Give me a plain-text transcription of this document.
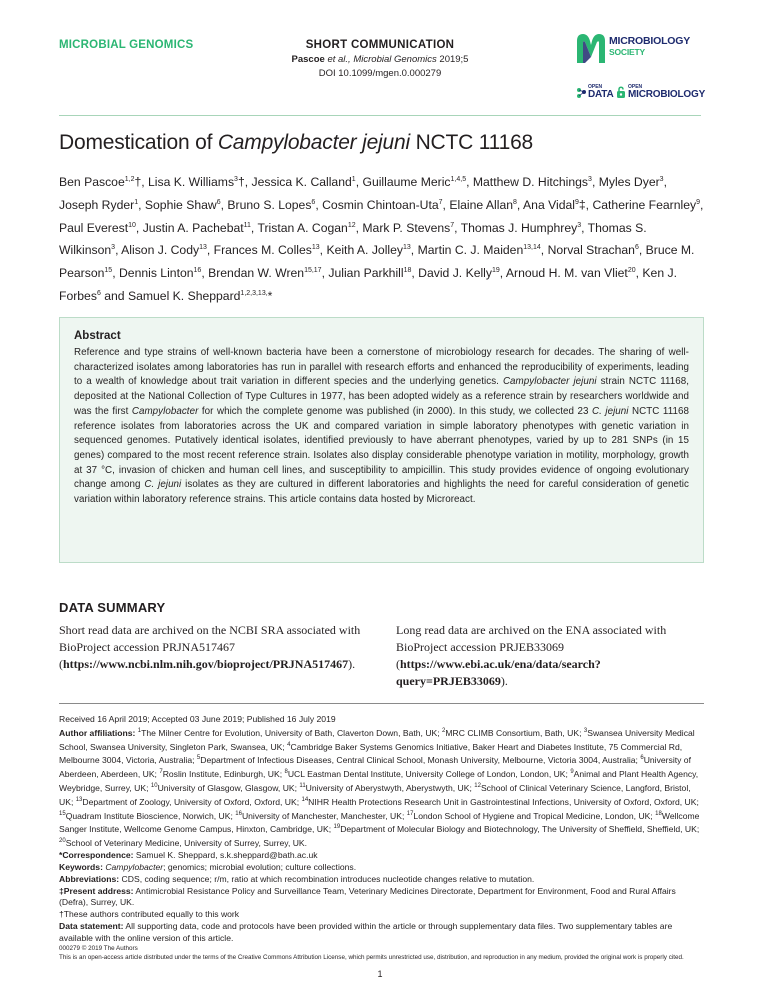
MICROBIAL GENOMICS	SHORT COMMUNICATION
Pascoe et al., Microbial Genomics 2019;5
DOI 10.1099/mgen.0.000279
MICROBIOLOGY
SOCIETY
OPEN
DATA
OPEN
MICROBIOLOGY
Domestication of Campylobacter jejuni NCTC 11168
Ben Pascoe$^{1,2}$†, Lisa K. Williams$^3$†, Jessica K. Calland$^1$, Guillaume Meric$^{1,4,5}$, Matthew D. Hitchings$^3$, Myles Dyer$^3$, Joseph Ryder$^1$, Sophie Shaw$^6$, Bruno S. Lopes$^6$, Cosmin Chintoan-Uta$^7$, Elaine Allan$^8$, Ana Vidal$^9$‡, Catherine Fearnley$^9$, Paul Everest$^{10}$, Justin A. Pachebat$^{11}$, Tristan A. Cogan$^{12}$, Mark P. Stevens$^7$, Thomas J. Humphrey$^3$, Thomas S. Wilkinson$^3$, Alison J. Cody$^{13}$, Frances M. Colles$^{13}$, Keith A. Jolley$^{13}$, Martin C. J. Maiden$^{13,14}$, Norval Strachan$^6$, Bruce M. Pearson$^{15}$, Dennis Linton$^{16}$, Brendan W. Wren$^{15,17}$, Julian Parkhill$^{18}$, David J. Kelly$^{19}$, Arnoud H. M. van Vliet$^{20}$, Ken J. Forbes$^6$ and Samuel K. Sheppard$^{1,2,3,13,}$*
Abstract
Reference and type strains of well-known bacteria have been a cornerstone of microbiology research for decades. The sharing of well-characterized isolates among laboratories has run in parallel with research efforts and enhanced the reproducibility of experiments, leading to a wealth of knowledge about trait variation in different species and the underlying genetics. Campylobacter jejuni strain NCTC 11168, deposited at the National Collection of Type Cultures in 1977, has been adopted widely as a reference strain by researchers worldwide and was the first Campylobacter for which the complete genome was published (in 2000). In this study, we collected 23 C. jejuni NCTC 11168 reference isolates from laboratories across the UK and compared variation in simple laboratory phenotypes with genetic variation in sequenced genomes. Putatively identical isolates, identified previously to have aberrant phenotypes, varied by up to 281 SNPs (in 15 genes) compared to the most recent reference strain. Isolates also display considerable phenotype variation in motility, morphology, growth at 37 °C, invasion of chicken and human cell lines, and susceptibility to ampicillin. This study provides evidence of ongoing evolutionary change among C. jejuni isolates as they are cultured in different laboratories and highlights the need for careful consideration of genetic variation within laboratory reference strains. This article contains data hosted by Microreact.
DATA SUMMARY
Short read data are archived on the NCBI SRA associated with BioProject accession PRJNA517467 (https://www.ncbi.nlm.nih.gov/bioproject/PRJNA517467).
Long read data are archived on the ENA associated with BioProject accession PRJEB33069 (https://www.ebi.ac.uk/ena/data/search?query=PRJEB33069).

Received 16 April 2019; Accepted 03 June 2019; Published 16 July 2019

Author affiliations: $^1$The Milner Centre for Evolution, University of Bath, Claverton Down, Bath, UK; $^2$MRC CLIMB Consortium, Bath, UK; $^3$Swansea University Medical School, Swansea University, Singleton Park, Swansea, UK; $^4$Cambridge Baker Systems Genomics Initiative, Baker Heart and Diabetes Institute, 75 Commercial Rd, Melbourne 3004, Victoria, Australia; $^5$Department of Infectious Diseases, Central Clinical School, Monash University, Melbourne, Victoria 3004, Australia; $^6$University of Aberdeen, Aberdeen, UK; $^7$Roslin Institute, Edinburgh, UK; $^8$UCL Eastman Dental Institute, University College of London, London, UK; $^9$Animal and Plant Health Agency, Weybridge, Surrey, UK; $^{10}$University of Glasgow, Glasgow, UK; $^{11}$University of Aberystwyth, Aberystwyth, UK; $^{12}$School of Clinical Veterinary Science, Langford, Bristol, UK; $^{13}$Department of Zoology, University of Oxford, Oxford, UK; $^{14}$NIHR Health Protections Research Unit in Gastrointestinal Infections, University of Oxford, Oxford, UK; $^{15}$Quadram Institute Bioscience, Norwich, UK; $^{16}$University of Manchester, Manchester, UK; $^{17}$London School of Hygiene and Tropical Medicine, London, UK; $^{18}$Wellcome Sanger Institute, Wellcome Genome Campus, Hinxton, Cambridge, UK; $^{19}$Department of Molecular Biology and Biotechnology, The University of Sheffield, Sheffield, UK; $^{20}$School of Veterinary Medicine, University of Surrey, Surrey, UK.

*Correspondence: Samuel K. Sheppard, s.k.sheppard@bath.ac.uk

Keywords: Campylobacter; genomics; microbial evolution; culture collections.

Abbreviations: CDS, coding sequence; r/m, ratio at which recombination introduces nucleotide changes relative to mutation.

‡Present address: Antimicrobial Resistance Policy and Surveillance Team, Veterinary Medicines Directorate, Department for Environment, Food and Rural Affairs (Defra), Surrey, UK.

†These authors contributed equally to this work

Data statement: All supporting data, code and protocols have been provided within the article or through supplementary data files. Two supplementary tables are available with the online version of this article.

000279 © 2019 The Authors

This is an open-access article distributed under the terms of the Creative Commons Attribution License, which permits unrestricted use, distribution, and reproduction in any medium, provided the original work is properly cited.

1
